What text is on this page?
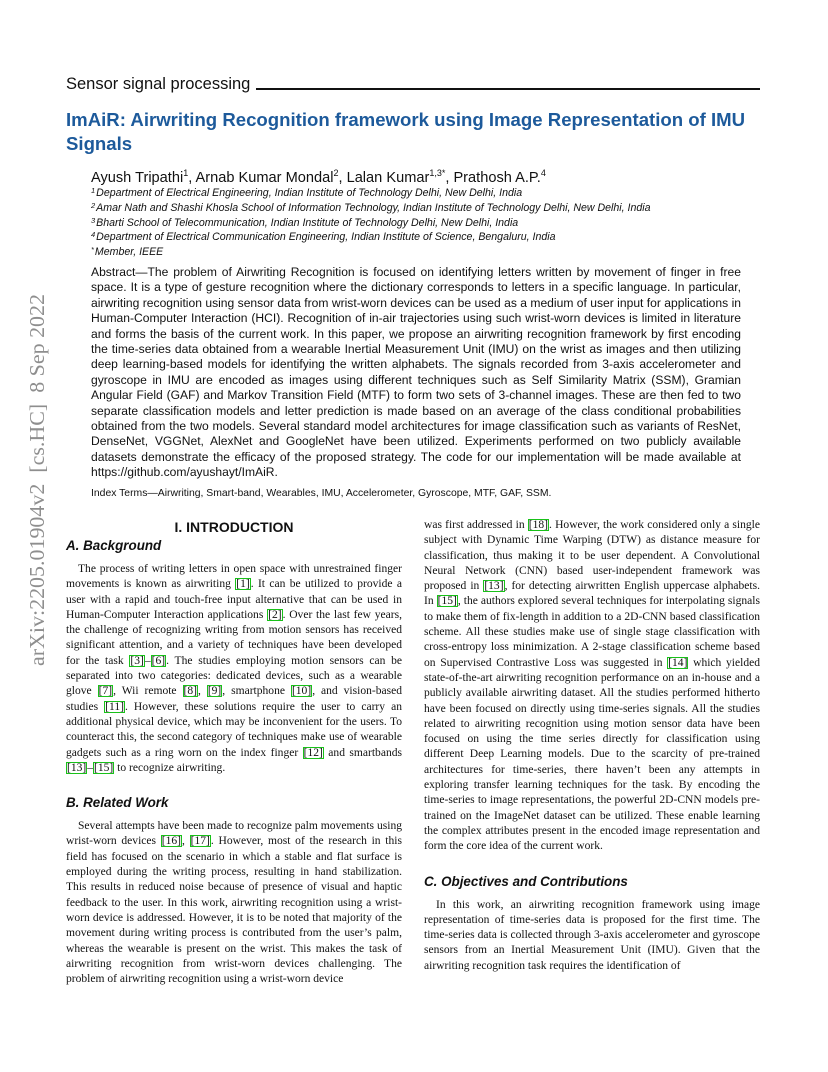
Sensor signal processing
ImAiR: Airwriting Recognition framework using Image Representation of IMU Signals
Ayush Tripathi$^1$, Arnab Kumar Mondal$^2$, Lalan Kumar$^{1,3*}$, Prathosh A.P.$^4$
$^1$Department of Electrical Engineering, Indian Institute of Technology Delhi, New Delhi, India
$^2$Amar Nath and Shashi Khosla School of Information Technology, Indian Institute of Technology Delhi, New Delhi, India
$^3$Bharti School of Telecommunication, Indian Institute of Technology Delhi, New Delhi, India
$^4$Department of Electrical Communication Engineering, Indian Institute of Science, Bengaluru, India
*Member, IEEE

Abstract—The problem of Airwriting Recognition is focused on identifying letters written by movement of finger in free space. It is a type of gesture recognition where the dictionary corresponds to letters in a specific language. In particular, airwriting recognition using sensor data from wrist-worn devices can be used as a medium of user input for applications in Human-Computer Interaction (HCI). Recognition of in-air trajectories using such wrist-worn devices is limited in literature and forms the basis of the current work. In this paper, we propose an airwriting recognition framework by first encoding the time-series data obtained from a wearable Inertial Measurement Unit (IMU) on the wrist as images and then utilizing deep learning-based models for identifying the written alphabets. The signals recorded from 3-axis accelerometer and gyroscope in IMU are encoded as images using different techniques such as Self Similarity Matrix (SSM), Gramian Angular Field (GAF) and Markov Transition Field (MTF) to form two sets of 3-channel images. These are then fed to two separate classification models and letter prediction is made based on an average of the class conditional probabilities obtained from the two models. Several standard model architectures for image classification such as variants of ResNet, DenseNet, VGGNet, AlexNet and GoogleNet have been utilized. Experiments performed on two publicly available datasets demonstrate the efficacy of the proposed strategy. The code for our implementation will be made available at https://github.com/ayushayt/ImAiR.

Index Terms—Airwriting, Smart-band, Wearables, IMU, Accelerometer, Gyroscope, MTF, GAF, SSM.

arXiv:2205.01904v2  [cs.HC]  8 Sep 2022	I. INTRODUCTION
A. Background

The process of writing letters in open space with unrestrained finger movements is known as airwriting [1]. It can be utilized to provide a user with a rapid and touch-free input alternative that can be used in Human-Computer Interaction applications [2]. Over the last few years, the challenge of recognizing writing from motion sensors has received significant attention, and a variety of techniques have been developed for the task [3]–[6]. The studies employing motion sensors can be separated into two categories: dedicated devices, such as a wearable glove [7], Wii remote [8], [9], smartphone [10], and vision-based studies [11]. However, these solutions require the user to carry an additional physical device, which may be inconvenient for the users. To counteract this, the second category of techniques make use of wearable gadgets such as a ring worn on the index finger [12] and smartbands [13]–[15] to recognize airwriting.

B. Related Work

Several attempts have been made to recognize palm movements using wrist-worn devices [16], [17]. However, most of the research in this field has focused on the scenario in which a stable and flat surface is employed during the writing process, resulting in hand stabilization. This results in reduced noise because of presence of visual and haptic feedback to the user. In this work, airwriting recognition using a wrist-worn device is addressed. However, it is to be noted that majority of the movement during writing process is contributed from the user’s palm, whereas the wearable is present on the wrist. This makes the task of airwriting recognition from wrist-worn devices challenging. The problem of airwriting recognition using a wrist-worn device

was first addressed in [18]. However, the work considered only a single subject with Dynamic Time Warping (DTW) as distance measure for classification, thus making it to be user dependent. A Convolutional Neural Network (CNN) based user-independent framework was proposed in [13], for detecting airwritten English uppercase alphabets. In [15], the authors explored several techniques for interpolating signals to make them of fix-length in addition to a 2D-CNN based classification scheme. All these studies make use of single stage classification with cross-entropy loss minimization. A 2-stage classification scheme based on Supervised Contrastive Loss was suggested in [14] which yielded state-of-the-art airwriting recognition performance on an in-house and a publicly available airwriting dataset. All the studies performed hitherto have been focused on directly using time-series signals. All the studies related to airwriting recognition using motion sensor data have been focused on using the time series directly for classification using different Deep Learning models. Due to the scarcity of pre-trained architectures for time-series, there haven’t been any attempts in exploring transfer learning techniques for the task. By encoding the time-series to image representations, the powerful 2D-CNN models pre-trained on the ImageNet dataset can be utilized. These enable learning the complex attributes present in the encoded image representation and form the core idea of the current work.

C. Objectives and Contributions

In this work, an airwriting recognition framework using image representation of time-series data is proposed for the first time. The time-series data is collected through 3-axis accelerometer and gyroscope sensors from an Inertial Measurement Unit (IMU). Given that the airwriting recognition task requires the identification of
